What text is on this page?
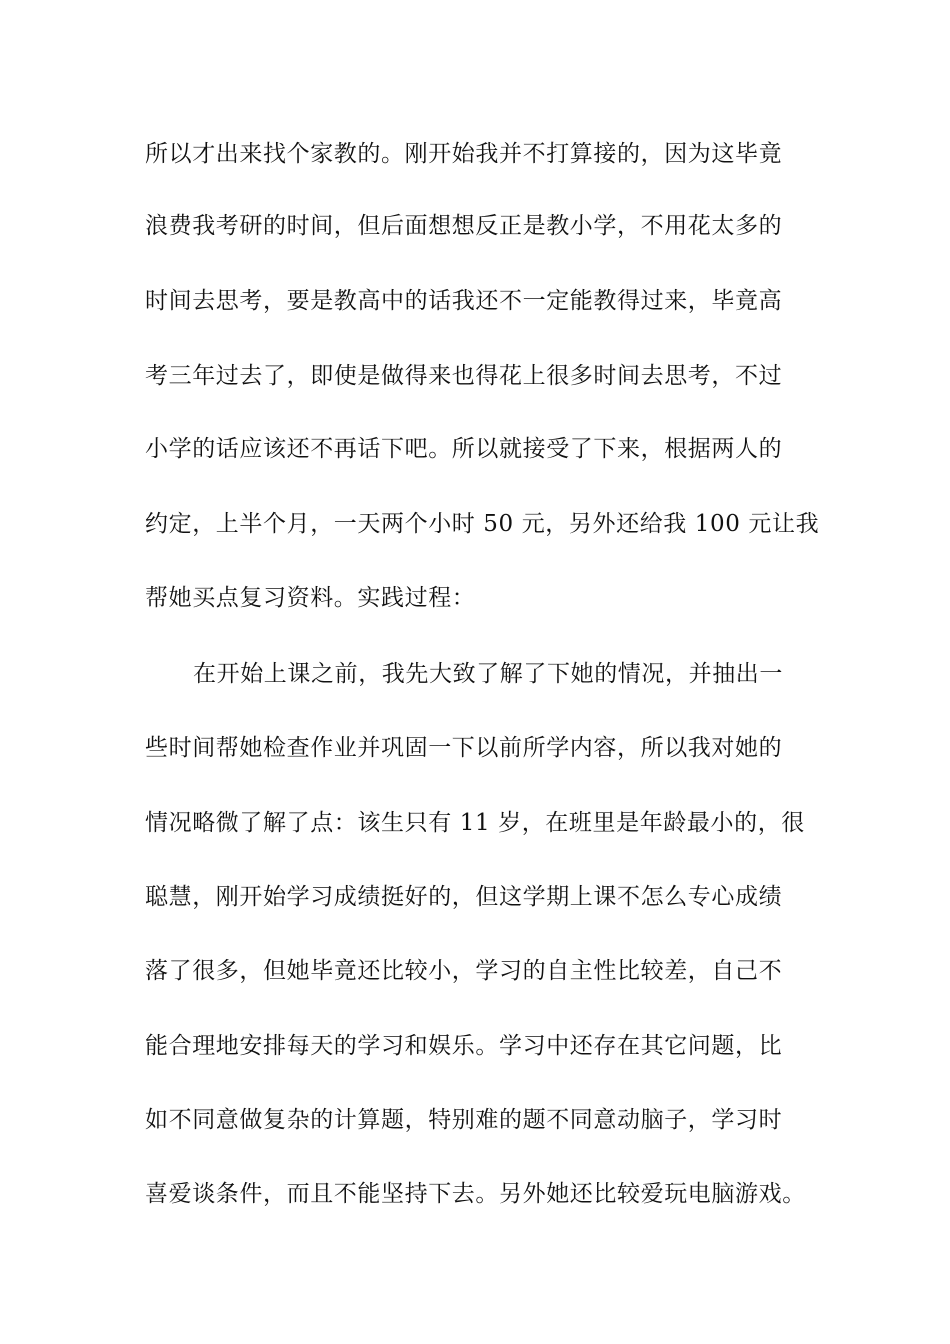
所以才出来找个家教的。刚开始我并不打算接的，因为这毕竟

浪费我考研的时间，但后面想想反正是教小学，不用花太多的

时间去思考，要是教高中的话我还不一定能教得过来，毕竟高

考三年过去了，即使是做得来也得花上很多时间去思考，不过

小学的话应该还不再话下吧。所以就接受了下来，根据两人的

约定，上半个月，一天两个小时 50 元，另外还给我 100 元让我

帮她买点复习资料。实践过程：

在开始上课之前，我先大致了解了下她的情况，并抽出一

些时间帮她检查作业并巩固一下以前所学内容，所以我对她的

情况略微了解了点：该生只有 11 岁，在班里是年龄最小的，很

聪慧，刚开始学习成绩挺好的，但这学期上课不怎么专心成绩

落了很多，但她毕竟还比较小，学习的自主性比较差，自己不

能合理地安排每天的学习和娱乐。学习中还存在其它问题，比

如不同意做复杂的计算题，特别难的题不同意动脑子，学习时

喜爱谈条件，而且不能坚持下去。另外她还比较爱玩电脑游戏。
